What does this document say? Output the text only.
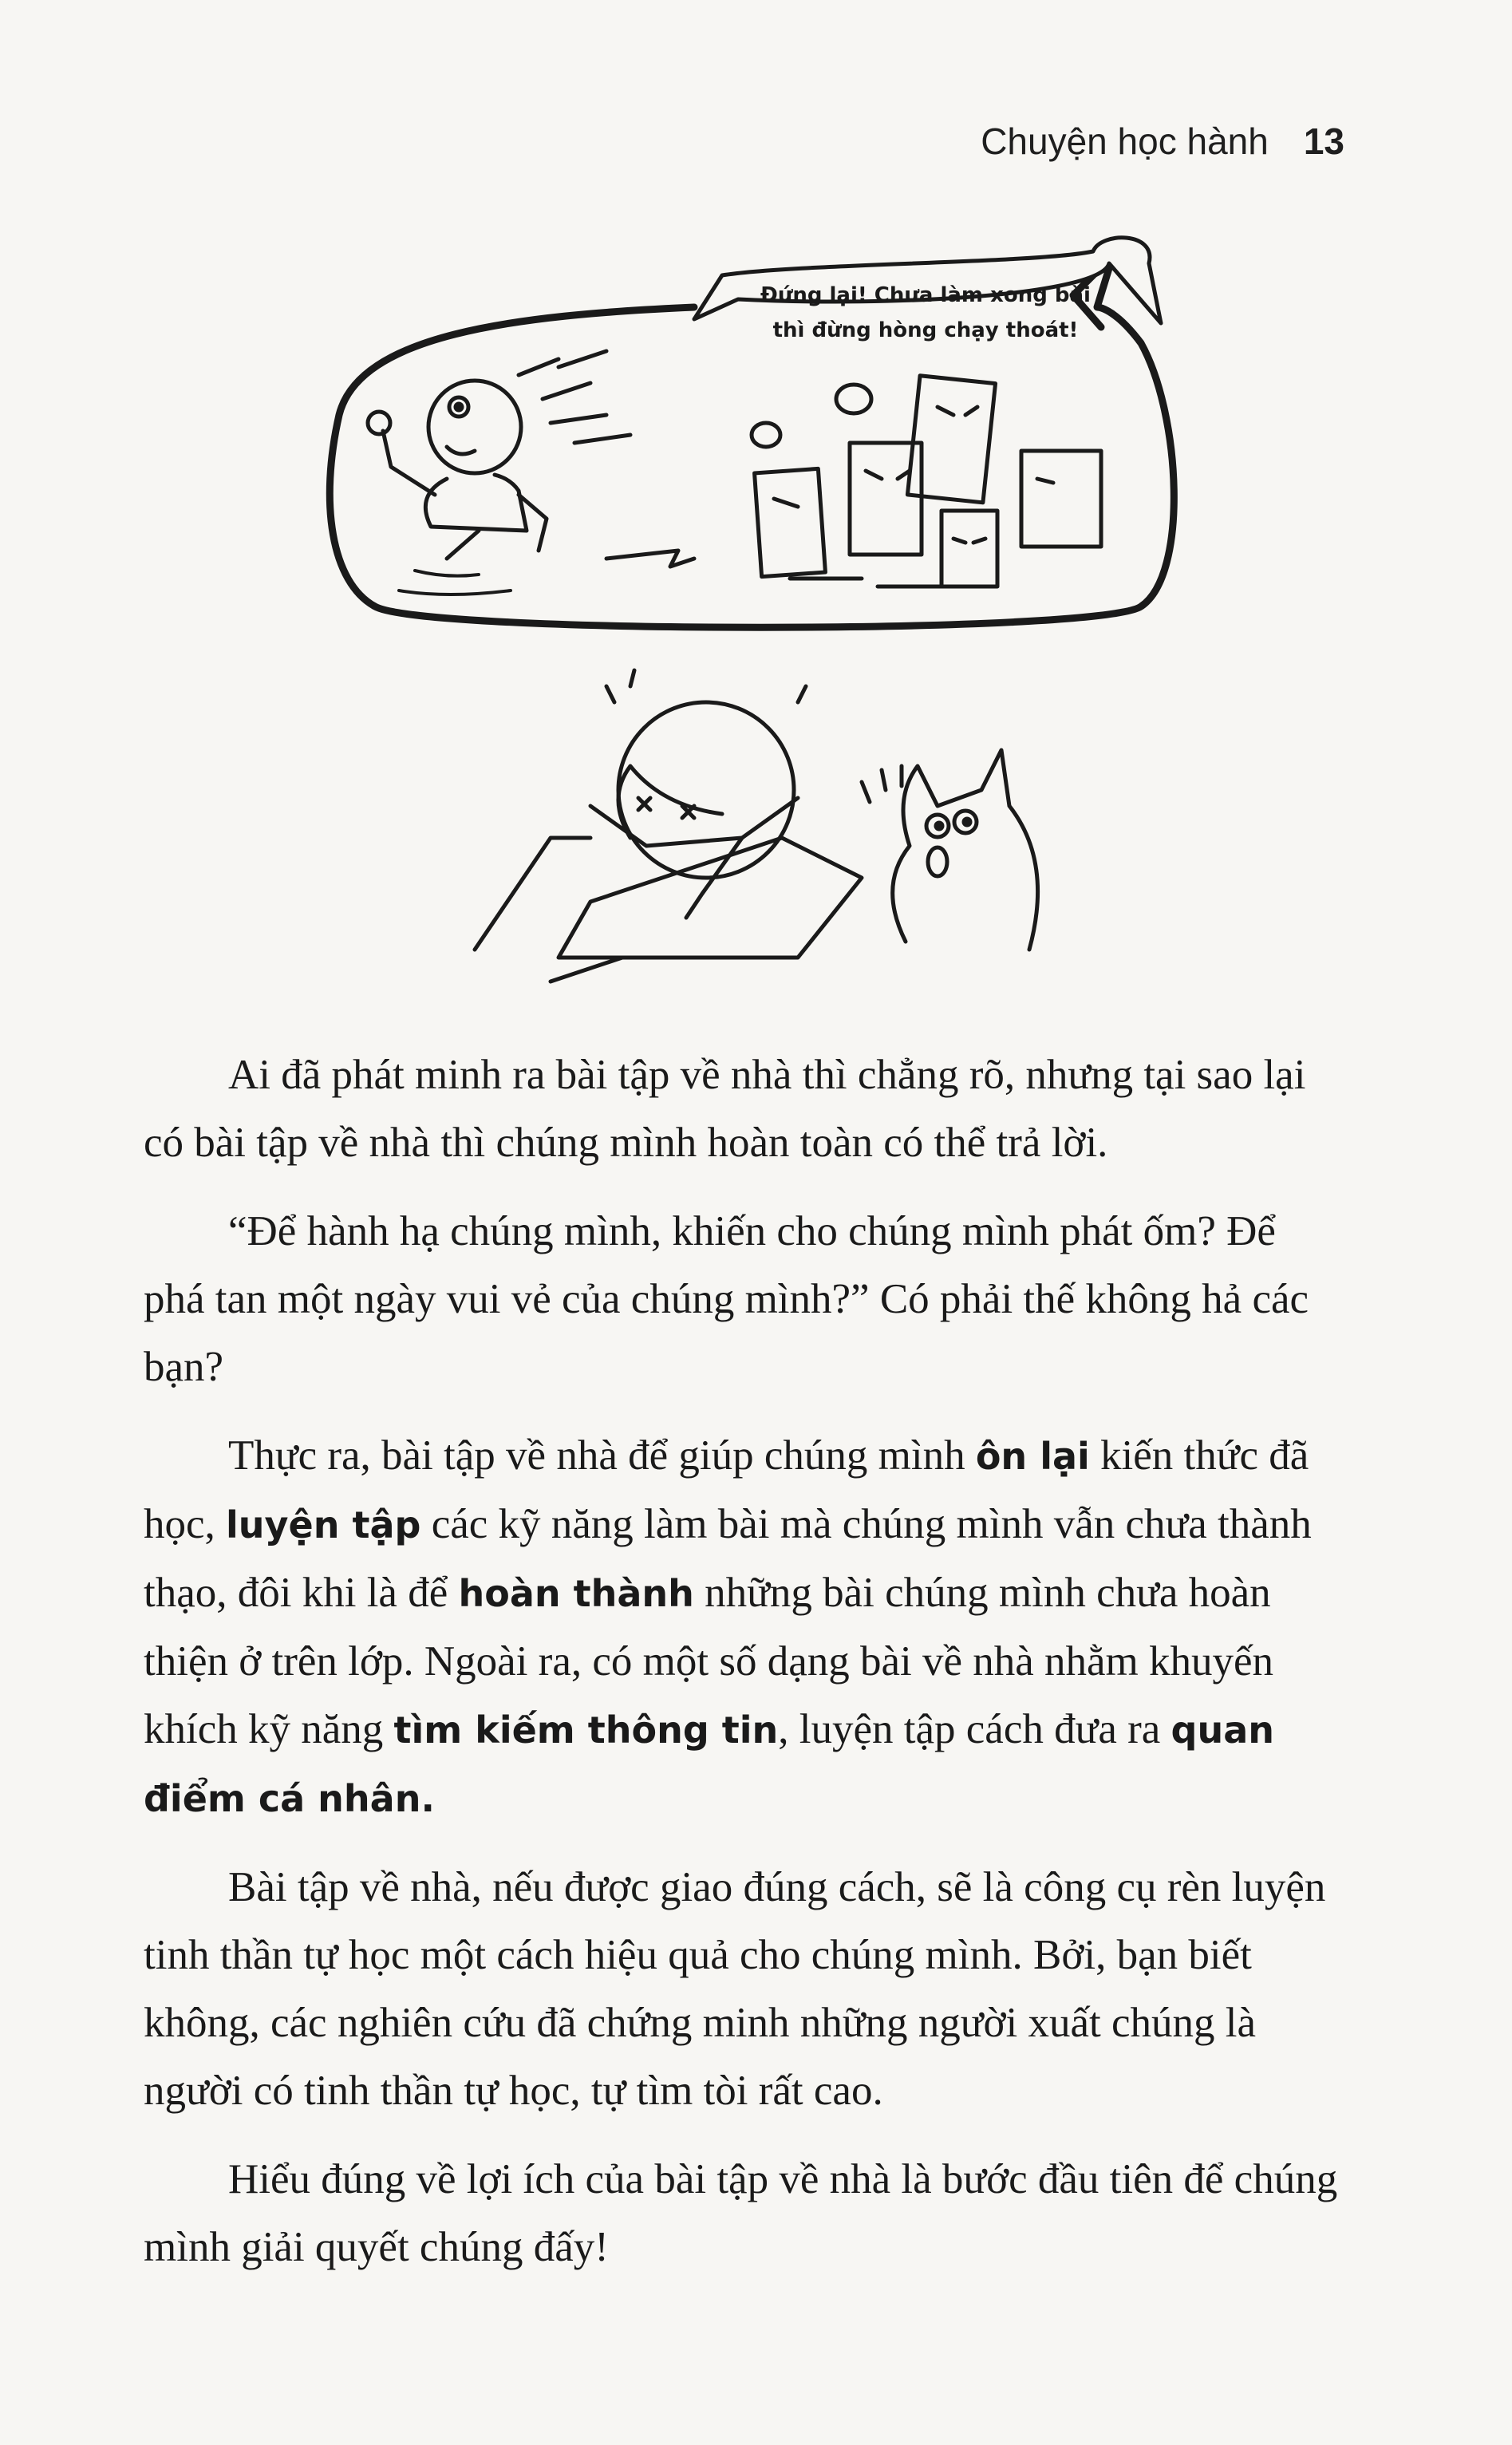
Chuyện học hành 13
Đứng lại! Chưa làm xong bài
thì đừng hòng chạy thoát!

Ai đã phát minh ra bài tập về nhà thì chẳng rõ, nhưng tại sao lại có bài tập về nhà thì chúng mình hoàn toàn có thể trả lời.

“Để hành hạ chúng mình, khiến cho chúng mình phát ốm? Để phá tan một ngày vui vẻ của chúng mình?” Có phải thế không hả các bạn?

Thực ra, bài tập về nhà để giúp chúng mình ôn lại kiến thức đã học, luyện tập các kỹ năng làm bài mà chúng mình vẫn chưa thành thạo, đôi khi là để hoàn thành những bài chúng mình chưa hoàn thiện ở trên lớp. Ngoài ra, có một số dạng bài về nhà nhằm khuyến khích kỹ năng tìm kiếm thông tin, luyện tập cách đưa ra quan điểm cá nhân.

Bài tập về nhà, nếu được giao đúng cách, sẽ là công cụ rèn luyện tinh thần tự học một cách hiệu quả cho chúng mình. Bởi, bạn biết không, các nghiên cứu đã chứng minh những người xuất chúng là người có tinh thần tự học, tự tìm tòi rất cao.

Hiểu đúng về lợi ích của bài tập về nhà là bước đầu tiên để chúng mình giải quyết chúng đấy!
